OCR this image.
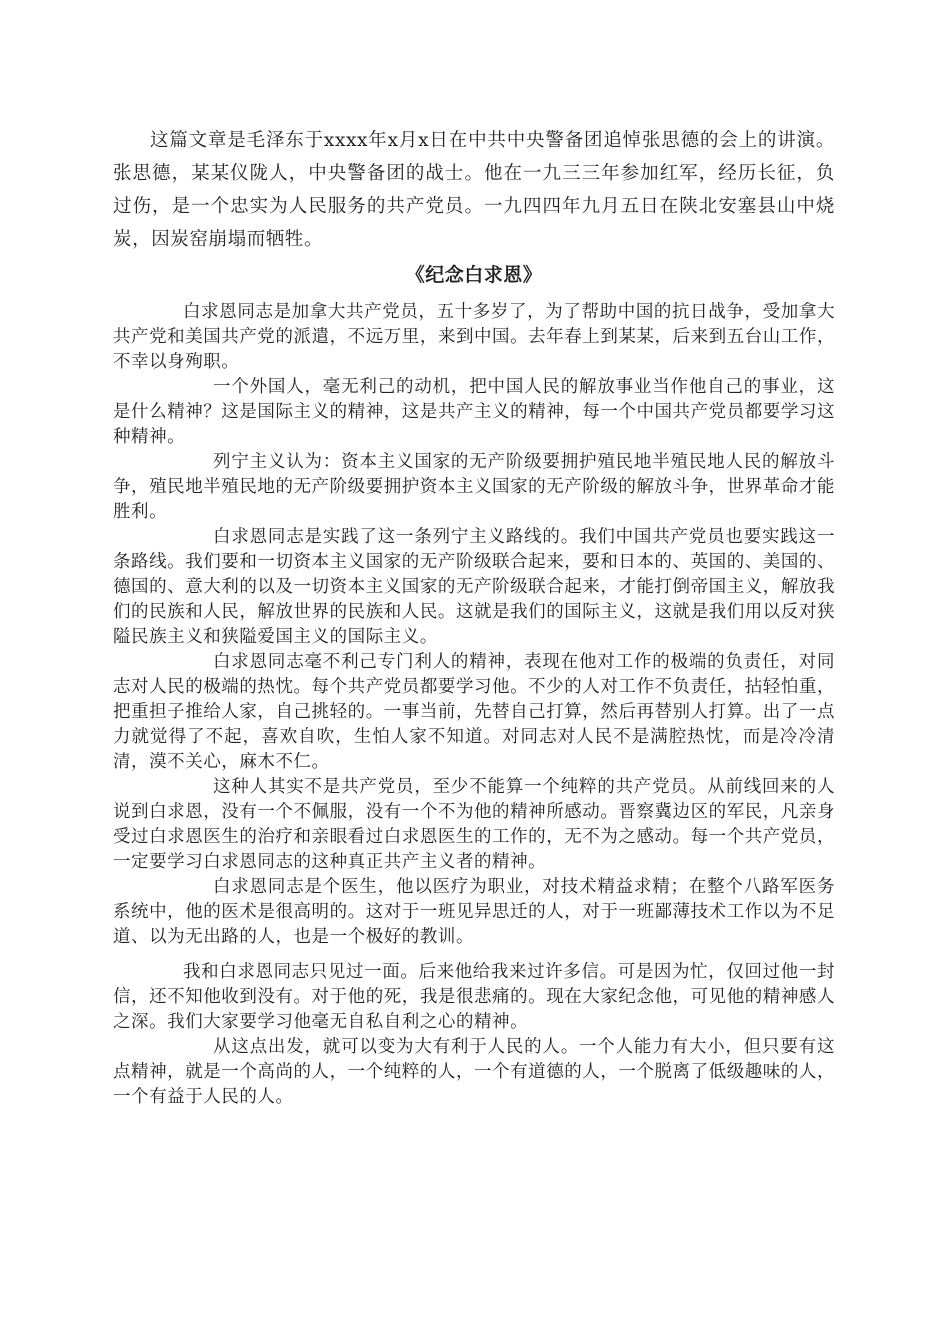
这篇文章是毛泽东于xxxx年x月x日在中共中央警备团追悼张思德的会上的讲演。 张思德，某某仪陇人，中央警备团的战士。他在一九三三年参加红军，经历长征，负过伤，是一个忠实为人民服务的共产党员。一九四四年九月五日在陕北安塞县山中烧炭，因炭窑崩塌而牺牲。

《纪念白求恩》

白求恩同志是加拿大共产党员，五十多岁了，为了帮助中国的抗日战争，受加拿大共产党和美国共产党的派遣，不远万里，来到中国。去年春上到某某，后来到五台山工作，不幸以身殉职。

一个外国人，毫无利己的动机，把中国人民的解放事业当作他自己的事业，这是什么精神？这是国际主义的精神，这是共产主义的精神，每一个中国共产党员都要学习这种精神。

列宁主义认为：资本主义国家的无产阶级要拥护殖民地半殖民地人民的解放斗争，殖民地半殖民地的无产阶级要拥护资本主义国家的无产阶级的解放斗争，世界革命才能胜利。

白求恩同志是实践了这一条列宁主义路线的。我们中国共产党员也要实践这一条路线。我们要和一切资本主义国家的无产阶级联合起来，要和日本的、英国的、美国的、德国的、意大利的以及一切资本主义国家的无产阶级联合起来，才能打倒帝国主义，解放我们的民族和人民，解放世界的民族和人民。这就是我们的国际主义，这就是我们用以反对狭隘民族主义和狭隘爱国主义的国际主义。

白求恩同志毫不利己专门利人的精神，表现在他对工作的极端的负责任，对同志对人民的极端的热忱。每个共产党员都要学习他。不少的人对工作不负责任，拈轻怕重，把重担子推给人家，自己挑轻的。一事当前，先替自己打算，然后再替别人打算。出了一点力就觉得了不起，喜欢自吹，生怕人家不知道。对同志对人民不是满腔热忱，而是冷冷清清，漠不关心，麻木不仁。

这种人其实不是共产党员，至少不能算一个纯粹的共产党员。从前线回来的人说到白求恩，没有一个不佩服，没有一个不为他的精神所感动。晋察冀边区的军民，凡亲身受过白求恩医生的治疗和亲眼看过白求恩医生的工作的，无不为之感动。每一个共产党员，一定要学习白求恩同志的这种真正共产主义者的精神。

白求恩同志是个医生，他以医疗为职业，对技术精益求精；在整个八路军医务系统中，他的医术是很高明的。这对于一班见异思迁的人，对于一班鄙薄技术工作以为不足道、以为无出路的人，也是一个极好的教训。

我和白求恩同志只见过一面。后来他给我来过许多信。可是因为忙，仅回过他一封信，还不知他收到没有。对于他的死，我是很悲痛的。现在大家纪念他，可见他的精神感人之深。我们大家要学习他毫无自私自利之心的精神。

从这点出发，就可以变为大有利于人民的人。一个人能力有大小，但只要有这点精神，就是一个高尚的人，一个纯粹的人，一个有道德的人，一个脱离了低级趣味的人，一个有益于人民的人。
